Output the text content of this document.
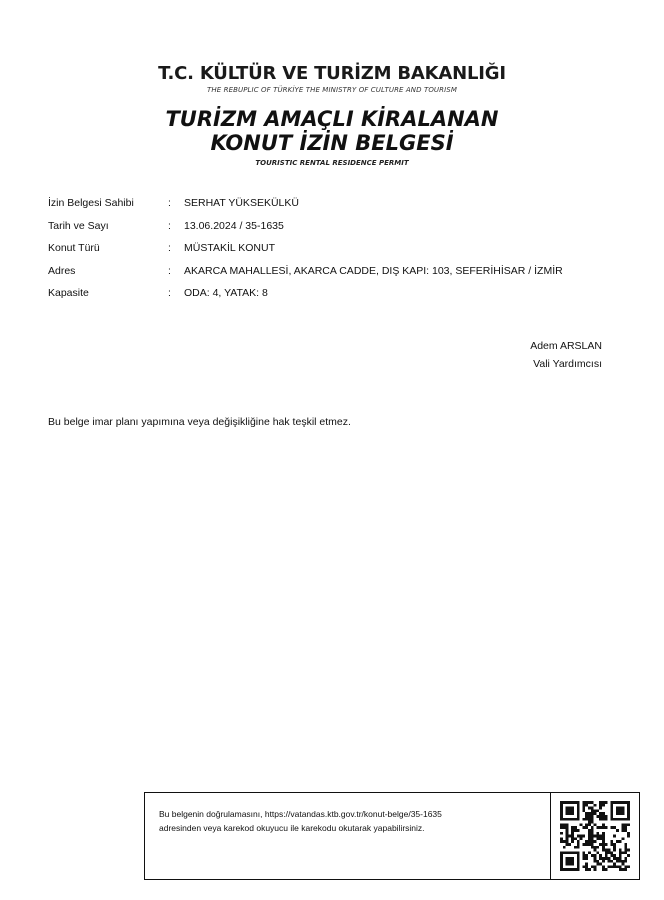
T.C. KÜLTÜR VE TURİZM BAKANLIĞI
THE REBUPLIC OF TÜRKİYE THE MINISTRY OF CULTURE AND TOURISM
TURİZM AMAÇLI KİRALANAN
KONUT İZİN BELGESİ
TOURISTIC RENTAL RESIDENCE PERMIT
İzin Belgesi Sahibi	:	SERHAT YÜKSEKÜLKÜ
Tarih ve Sayı	:	13.06.2024 / 35-1635
Konut Türü	:	MÜSTAKİL KONUT
Adres	:	AKARCA MAHALLESİ, AKARCA CADDE, DIŞ KAPI: 103, SEFERİHİSAR / İZMİR
Kapasite	:	ODA: 4, YATAK: 8
Adem ARSLAN
Vali Yardımcısı
Bu belge imar planı yapımına veya değişikliğine hak teşkil etmez.
Bu belgenin doğrulamasını, https://vatandas.ktb.gov.tr/konut-belge/35-1635
adresinden veya karekod okuyucu ile karekodu okutarak yapabilirsiniz.
